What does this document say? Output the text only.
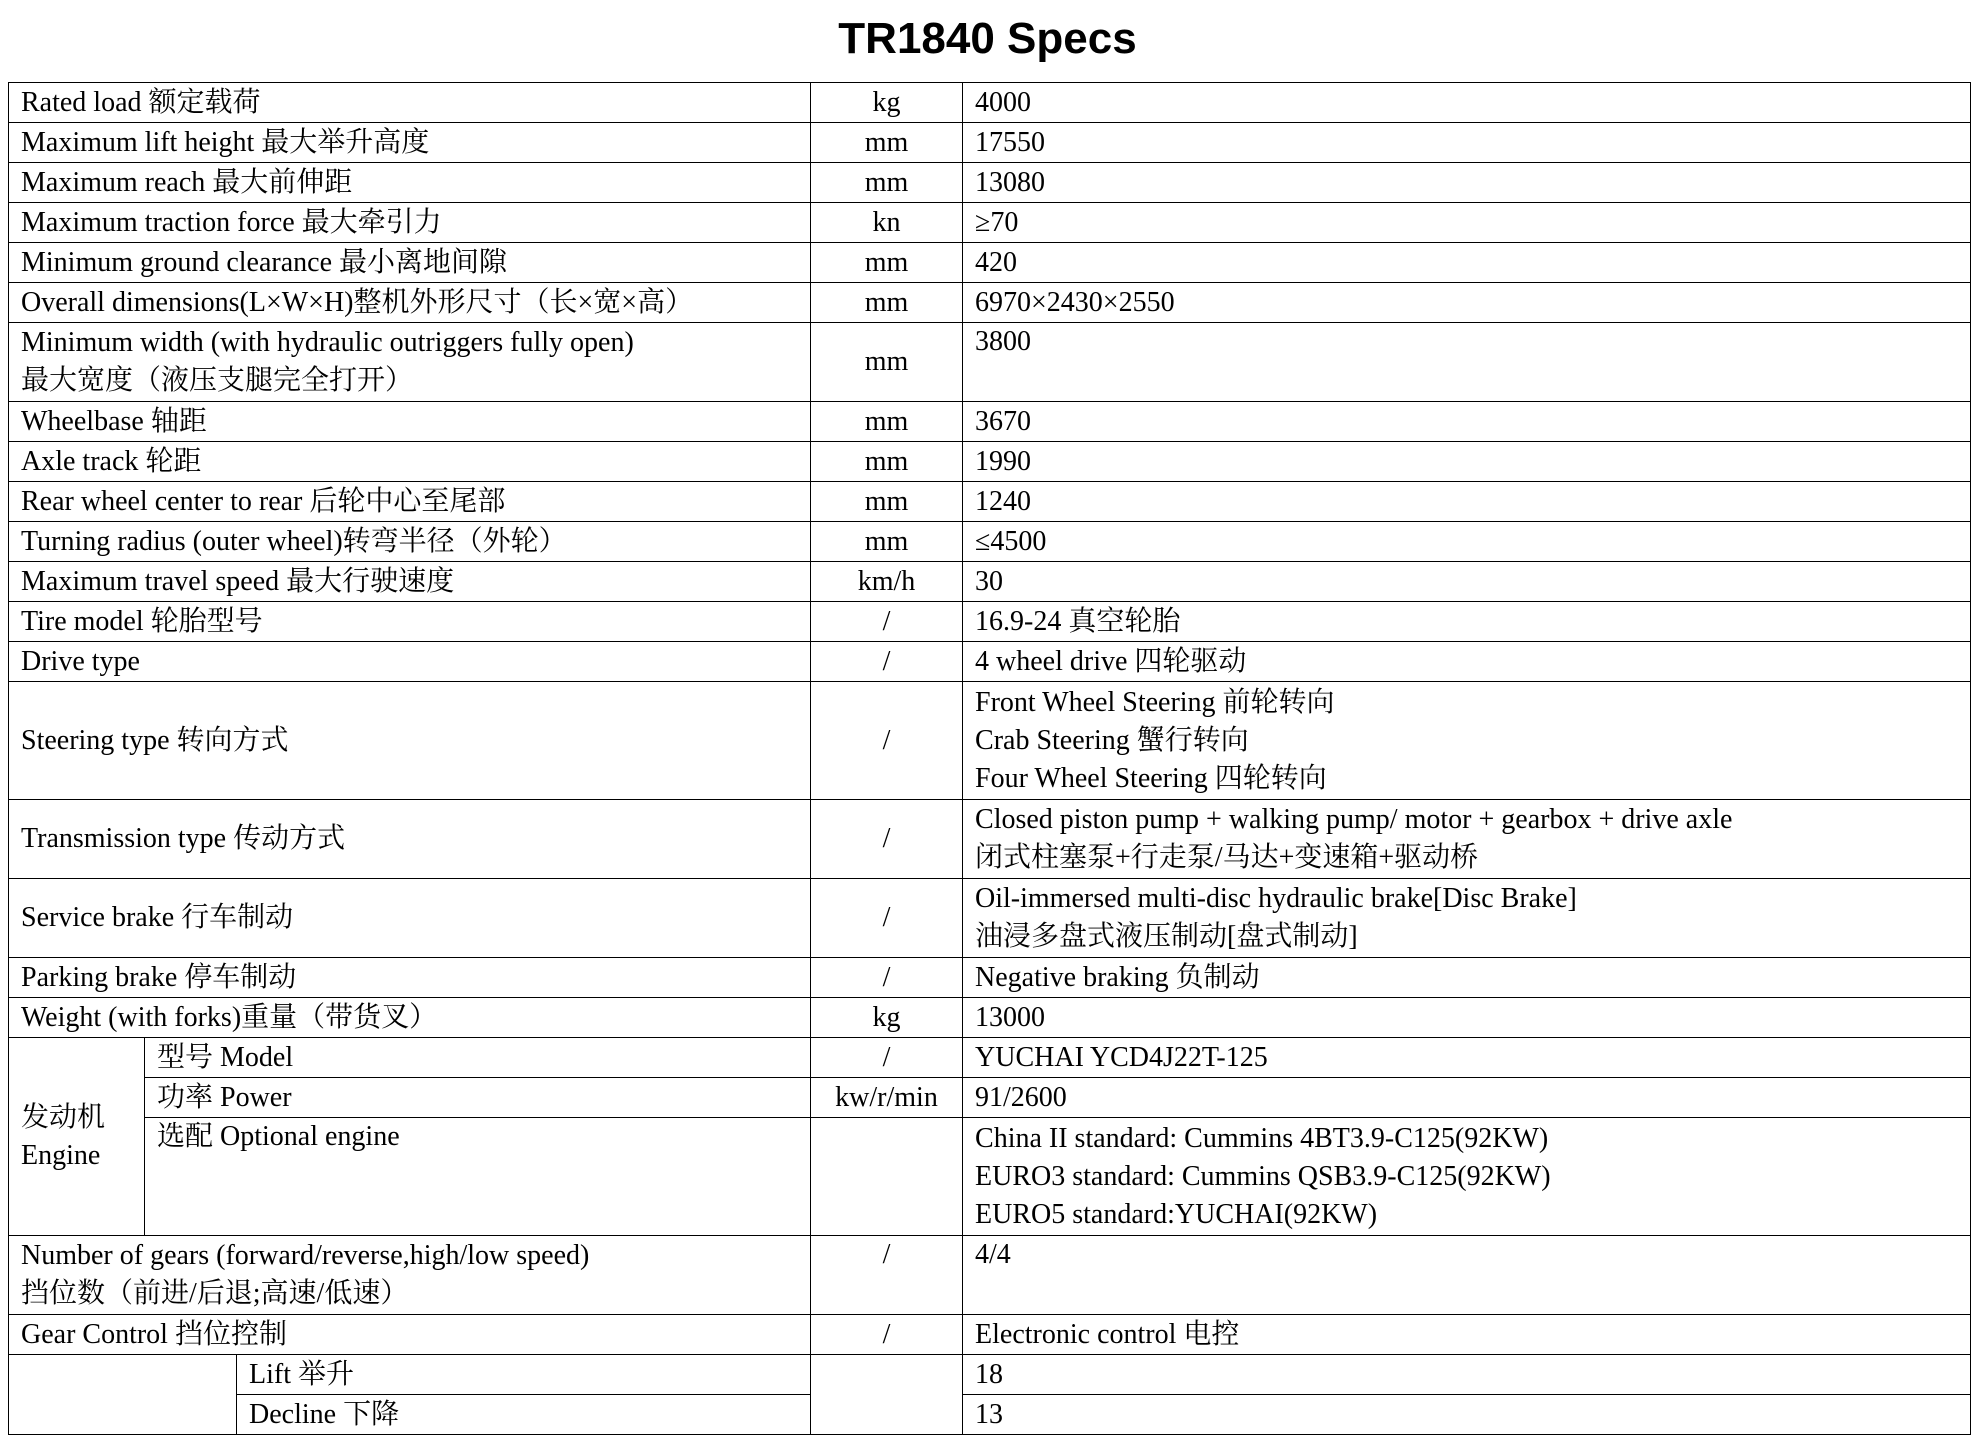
TR1840 Specs
Rated load 额定载荷			kg	4000
Maximum lift height 最大举升高度			mm	17550
Maximum reach 最大前伸距			mm	13080
Maximum traction force 最大牵引力			kn	≥70
Minimum ground clearance 最小离地间隙			mm	420
Overall dimensions(L×W×H)整机外形尺寸（长×宽×高）			mm	6970×2430×2550

Minimum width (with hydraulic outriggers fully open)
最大宽度（液压支腿完全打开）			mm	3800
Wheelbase 轴距			mm	3670
Axle track 轮距			mm	1990
Rear wheel center to rear 后轮中心至尾部			mm	1240
Turning radius (outer wheel)转弯半径（外轮）			mm	≤4500
Maximum travel speed 最大行驶速度			km/h	30
Tire model 轮胎型号			/	16.9-24 真空轮胎
Drive type			/	4 wheel drive 四轮驱动
Steering type 转向方式			/	Front Wheel Steering 前轮转向
Crab Steering 蟹行转向
Four Wheel Steering 四轮转向

Transmission type 传动方式			/	Closed piston pump + walking pump/ motor + gearbox + drive axle
闭式柱塞泵+行走泵/马达+变速箱+驱动桥

Service brake 行车制动			/	Oil-immersed multi-disc hydraulic brake[Disc Brake]
油浸多盘式液压制动[盘式制动]

Parking brake 停车制动			/	Negative braking 负制动
Weight (with forks)重量（带货叉）			kg	13000

发动机
Engine	型号 Model		/	YUCHAI YCD4J22T-125
	功率 Power		kw/r/min	91/2600
	选配 Optional engine			China II standard: Cummins 4BT3.9-C125(92KW)
EURO3 standard: Cummins QSB3.9-C125(92KW)
EURO5 standard:YUCHAI(92KW)

Number of gears (forward/reverse,high/low speed)
挡位数（前进/后退;高速/低速）			/	4/4
Gear Control 挡位控制			/	Electronic control 电控
		Lift 举升		18
		Decline 下降		13
